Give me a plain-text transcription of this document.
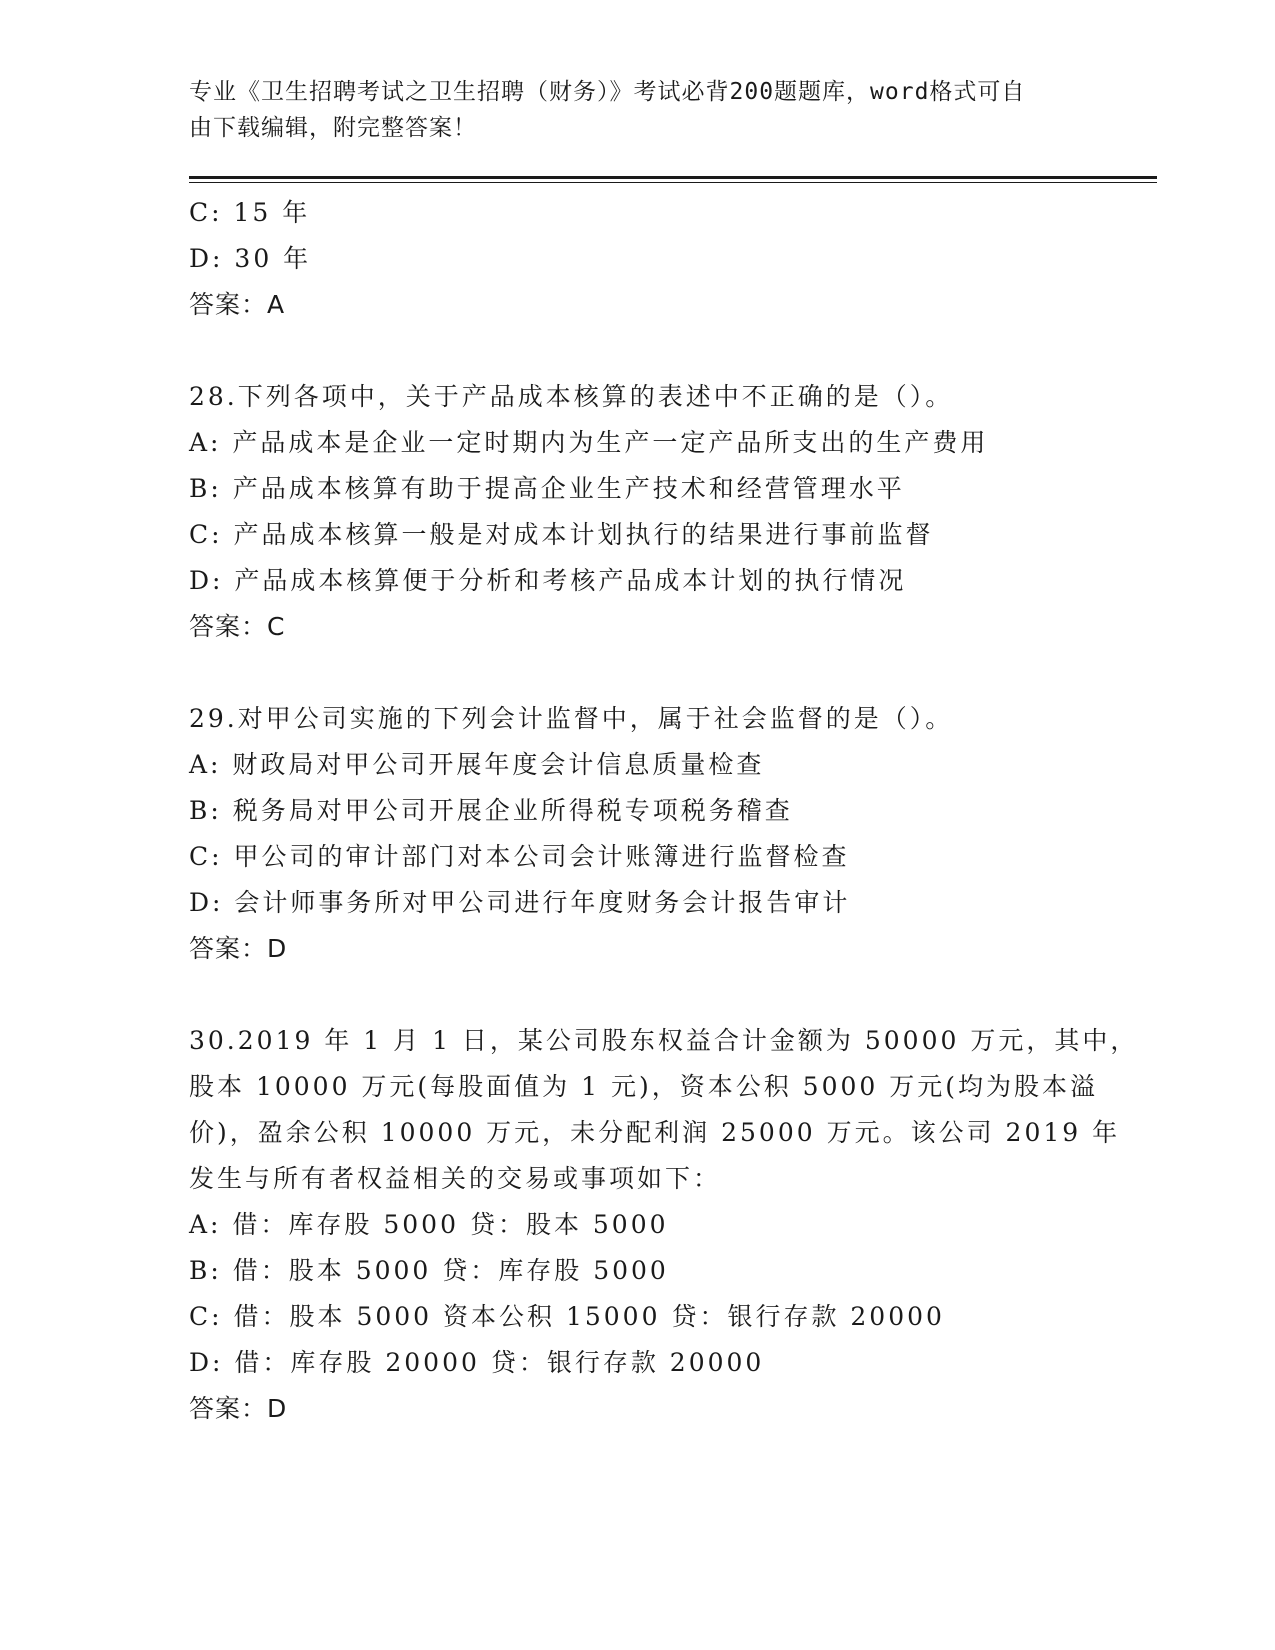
专业《卫生招聘考试之卫生招聘（财务）》考试必背200题题库，word格式可自
由下载编辑，附完整答案！
C: 15 年
D: 30 年
答案：A
28.下列各项中，关于产品成本核算的表述中不正确的是（）。
A: 产品成本是企业一定时期内为生产一定产品所支出的生产费用
B: 产品成本核算有助于提高企业生产技术和经营管理水平
C: 产品成本核算一般是对成本计划执行的结果进行事前监督
D: 产品成本核算便于分析和考核产品成本计划的执行情况
答案：C
29.对甲公司实施的下列会计监督中，属于社会监督的是（）。
A: 财政局对甲公司开展年度会计信息质量检查
B: 税务局对甲公司开展企业所得税专项税务稽查
C: 甲公司的审计部门对本公司会计账簿进行监督检查
D: 会计师事务所对甲公司进行年度财务会计报告审计
答案：D
30.2019 年 1 月 1 日，某公司股东权益合计金额为 50000 万元，其中，
股本 10000 万元(每股面值为 1 元)，资本公积 5000 万元(均为股本溢
价)，盈余公积 10000 万元，未分配利润 25000 万元。该公司 2019 年
发生与所有者权益相关的交易或事项如下：
A: 借：库存股 5000 贷：股本 5000
B: 借：股本 5000 贷：库存股 5000
C: 借：股本 5000 资本公积 15000 贷：银行存款 20000
D: 借：库存股 20000 贷：银行存款 20000
答案：D
